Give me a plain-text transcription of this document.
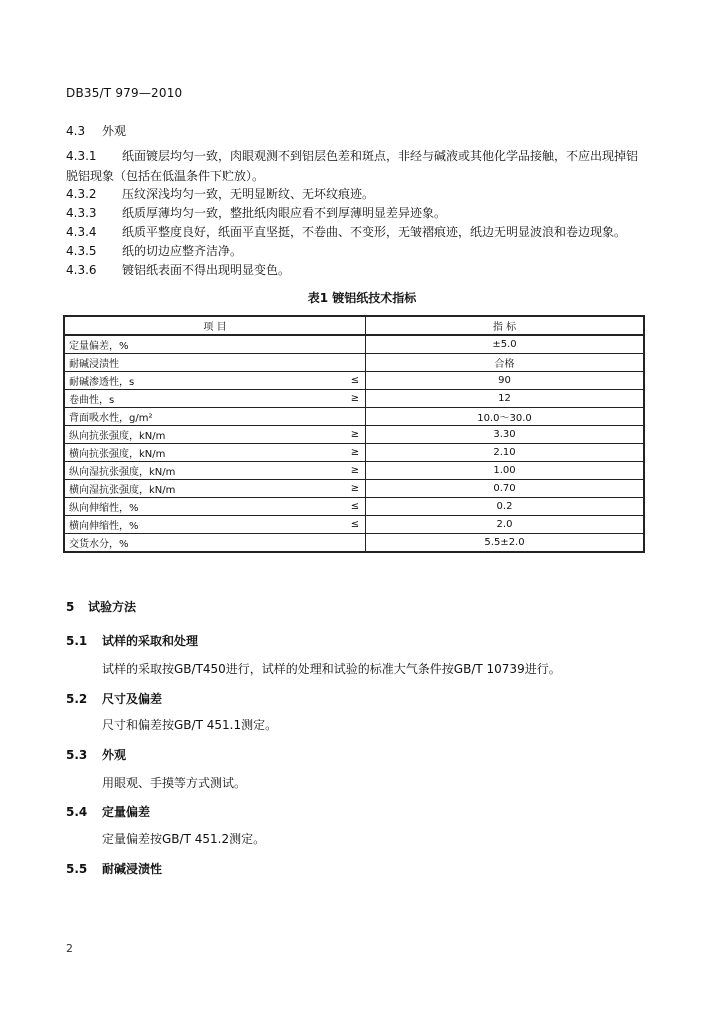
DB35/T 979—2010
4.3 外观
4.3.1 纸面镀层均匀一致，肉眼观测不到铝层色差和斑点，非经与碱液或其他化学品接触，不应出现掉铝脱铝现象（包括在低温条件下贮放）。
4.3.2 压纹深浅均匀一致，无明显断纹、无坏纹痕迹。
4.3.3 纸质厚薄均匀一致，整批纸肉眼应看不到厚薄明显差异迹象。
4.3.4 纸质平整度良好，纸面平直坚挺，不卷曲、不变形，无皱褶痕迹，纸边无明显波浪和卷边现象。
4.3.5 纸的切边应整齐洁净。
4.3.6 镀铝纸表面不得出现明显变色。
表1 镀铝纸技术指标
项 目		指 标
定量偏差，%		±5.0
耐碱浸渍性		合格
耐碱渗透性，s	≤	90
卷曲性，s	≥	12
背面吸水性，g/m²		10.0～30.0
纵向抗张强度，kN/m	≥	3.30
横向抗张强度，kN/m	≥	2.10
纵向湿抗张强度，kN/m	≥	1.00
横向湿抗张强度，kN/m	≥	0.70
纵向伸缩性，%	≤	0.2
横向伸缩性，%	≤	2.0
交货水分，%		5.5±2.0
5 试验方法
5.1 试样的采取和处理
试样的采取按GB/T450进行，试样的处理和试验的标准大气条件按GB/T 10739进行。
5.2 尺寸及偏差
尺寸和偏差按GB/T 451.1测定。
5.3 外观
用眼观、手摸等方式测试。
5.4 定量偏差
定量偏差按GB/T 451.2测定。
5.5 耐碱浸渍性
2
